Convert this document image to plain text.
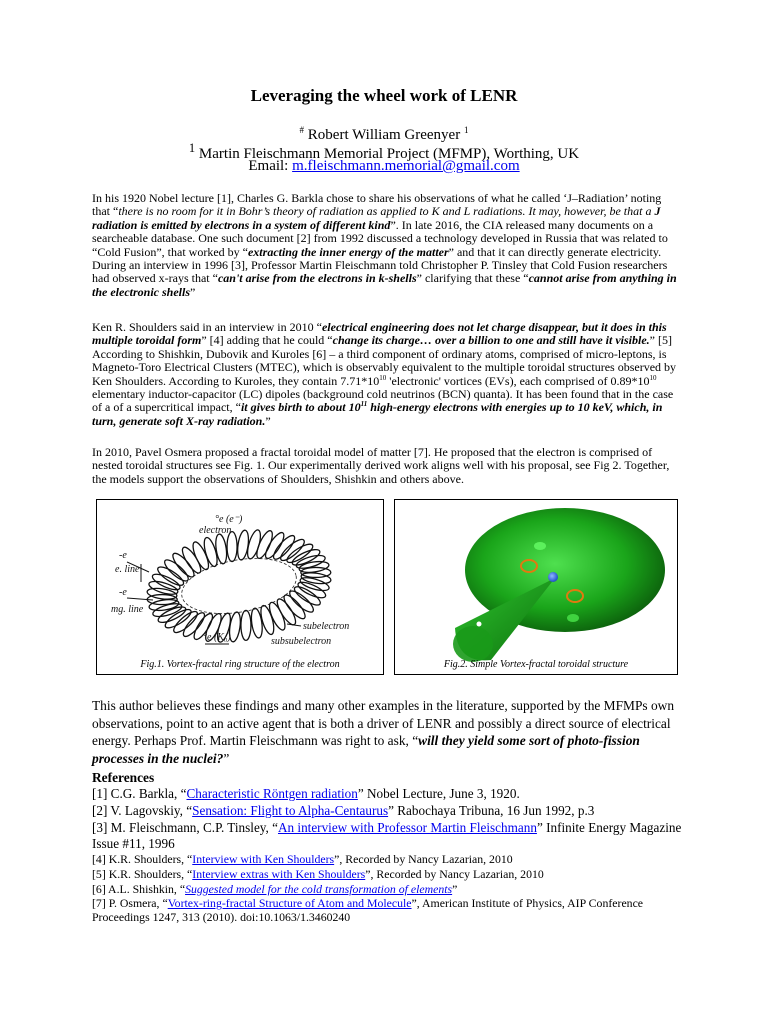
Leveraging the wheel work of LENR
# Robert William Greenyer $^1$
$^1$ Martin Fleischmann Memorial Project (MFMP), Worthing, UK
Email: m.fleischmann.memorial@gmail.com
In his 1920 Nobel lecture [1], Charles G. Barkla chose to share his observations of what he called ‘J–Radiation’ noting that “there is no room for it in Bohr’s theory of radiation as applied to K and L radiations. It may, however, be that a J radiation is emitted by electrons in a system of different kind”. In late 2016, the CIA released many documents on a searcheable database. One such document [2] from 1992 discussed a technology developed in Russia that was related to “Cold Fusion”, that worked by “extracting the inner energy of the matter” and that it can directly generate electricity. During an interview in 1996 [3], Professor Martin Fleischmann told Christopher P. Tinsley that Cold Fusion researchers had observed x-rays that “can't arise from the electrons in k-shells” clarifying that these “cannot arise from anything in the electronic shells”
Ken R. Shoulders said in an interview in 2010 “electrical engineering does not let charge disappear, but it does in this multiple toroidal form” [4] adding that he could “change its charge… over a billion to one and still have it visible.” [5] According to Shishkin, Dubovik and Kuroles [6] – a third component of ordinary atoms, comprised of micro-leptons, is Magneto-Toro Electrical Clusters (MTEC), which is observably equivalent to the multiple toroidal structures observed by Ken Shoulders. According to Kuroles, they contain $7.71*10^{10}$ 'electronic' vortices (EVs), each comprised of $0.89*10^{10}$ elementary inductor-capacitor (LC) dipoles (background cold neutrinos (BCN) quanta). It has been found that in the case of a of a supercritical impact, “it gives birth to about $10^{11}$ high-energy electrons with energies up to 10 keV, which, in turn, generate soft X-ray radiation.”
In 2010, Pavel Osmera proposed a fractal toroidal model of matter [7]. He proposed that the electron is comprised of nested toroidal structures see Fig. 1. Our experimentally derived work aligns well with his proposal, see Fig 2. Together, the models support the observations of Shoulders, Shishkin and others above.
°e (e⁻)
electron
-e
e. line
-e
mg. line
subelectron
subsubelectron
°e (K₀)
Fig.1. Vortex-fractal ring structure of the electron	Fig.2. Simple Vortex-fractal toroidal structure
This author believes these findings and many other examples in the literature, supported by the MFMPs own observations, point to an active agent that is both a driver of LENR and possibly a direct source of electrical energy. Perhaps Prof. Martin Fleischmann was right to ask, “will they yield some sort of photo-fission processes in the nuclei?”
References
[1] C.G. Barkla, “Characteristic Röntgen radiation” Nobel Lecture, June 3, 1920.
[2] V. Lagovskiy, “Sensation: Flight to Alpha-Centaurus” Rabochaya Tribuna, 16 Jun 1992, p.3
[3] M. Fleischmann, C.P. Tinsley, “An interview with Professor Martin Fleischmann” Infinite Energy Magazine Issue #11, 1996
[4] K.R. Shoulders, “Interview with Ken Shoulders”, Recorded by Nancy Lazarian, 2010
[5] K.R. Shoulders, “Interview extras with Ken Shoulders”, Recorded by Nancy Lazarian, 2010
[6] A.L. Shishkin, “Suggested model for the cold transformation of elements”
[7] P. Osmera, “Vortex-ring-fractal Structure of Atom and Molecule”, American Institute of Physics, AIP Conference Proceedings 1247, 313 (2010). doi:10.1063/1.3460240
